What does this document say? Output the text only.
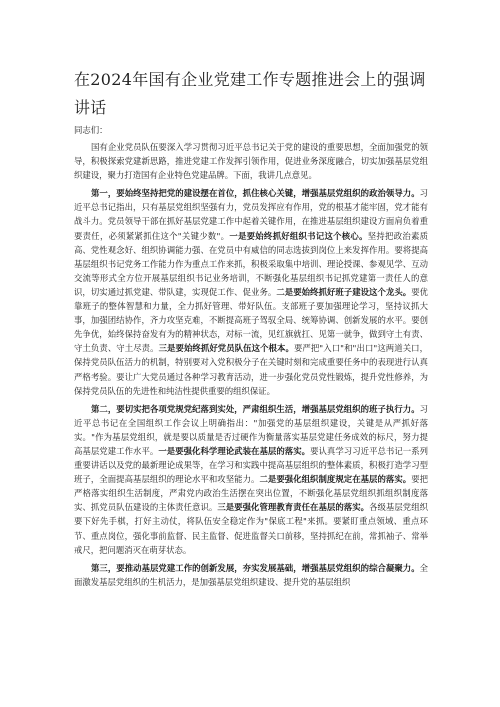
在2024年国有企业党建工作专题推进会上的强调讲话
同志们：

国有企业党员队伍要深入学习贯彻习近平总书记关于党的建设的重要思想，全面加强党的领导，积极探索党建新思路，推进党建工作发挥引领作用，促进业务深度融合，切实加强基层党组织建设，聚力打造国有企业特色党建品牌。下面，我讲几点意见。

第一，要始终坚持把党的建设摆在首位，抓住核心关键，增强基层党组织的政治领导力。习近平总书记指出，只有基层党组织坚强有力，党员发挥应有作用，党的根基才能牢固，党才能有战斗力。党员领导干部在抓好基层党建工作中起着关键作用，在推进基层组织建设方面肩负着重要责任，必须紧紧抓住这个"关键少数"。一是要始终抓好组织书记这个核心。坚持把政治素质高、党性观念好、组织协调能力强、在党员中有威信的同志选拔到岗位上来发挥作用。要将提高基层组织书记党务工作能力作为重点工作来抓，积极采取集中培训、理论授课、参观见学、互动交流等形式全方位开展基层组织书记业务培训，不断强化基层组织书记抓党建第一责任人的意识，切实通过抓党建、带队建，实现促工作、促业务。二是要始终抓好班子建设这个龙头。要优靠班子的整体智慧和力量，全力抓好管理、带好队伍。支部班子要加强理论学习，坚持议抓大事，加强团结协作，齐力攻坚克难，不断提高班子驾驭全局、统筹协调、创新发展的水平。要创先争优，始终保持奋发有为的精神状态，对标一流，见红旗就扛、见第一就争，做到守土有责、守土负责、守土尽责。三是要始终抓好党员队伍这个根本。要严把"入口"和"出口"这两道关口，保持党员队伍活力的机制，特别要对入党积极分子在关键时刻和完成重要任务中的表现进行认真严格考验。要让广大党员通过各种学习教育活动，进一步强化党员党性锻炼，提升党性修养，为保持党员队伍的先进性和纯洁性提供重要的组织保证。

第二，要切实把各项党规党纪落到实处，严肃组织生活，增强基层党组织的班子执行力。习近平总书记在全国组织工作会议上明确指出："加强党的基层组织建设，关键是从严抓好落实。"作为基层党组织，就是要以质量是否过硬作为衡量落实基层党建任务成效的标尺，努力提高基层党建工作水平。一是要强化科学理论武装在基层的落实。要认真学习习近平总书记一系列重要讲话以及党的最新理论成果等，在学习和实践中提高基层组织的整体素质，积极打造学习型班子，全面提高基层组织的理论水平和攻坚能力。二是要强化组织制度规定在基层的落实。要把严格落实组织生活制度，严肃党内政治生活摆在突出位置，不断强化基层党组织抓组织制度落实、抓党员队伍建设的主体责任意识。三是要强化管理教育责任在基层的落实。各级基层党组织要下好先手棋，打好主动仗，将队伍安全稳定作为"保底工程"来抓。要紧盯重点领域、重点环节、重点岗位，强化事前监督、民主监督、促进监督关口前移，坚持抓纪在前，常抓袖子、常举戒尺，把问题消灭在萌芽状态。

第三，要推动基层党建工作的创新发展，夯实发展基础，增强基层党组织的综合凝聚力。全面激发基层党组织的生机活力，是加强基层党组织建设、提升党的基层组织
